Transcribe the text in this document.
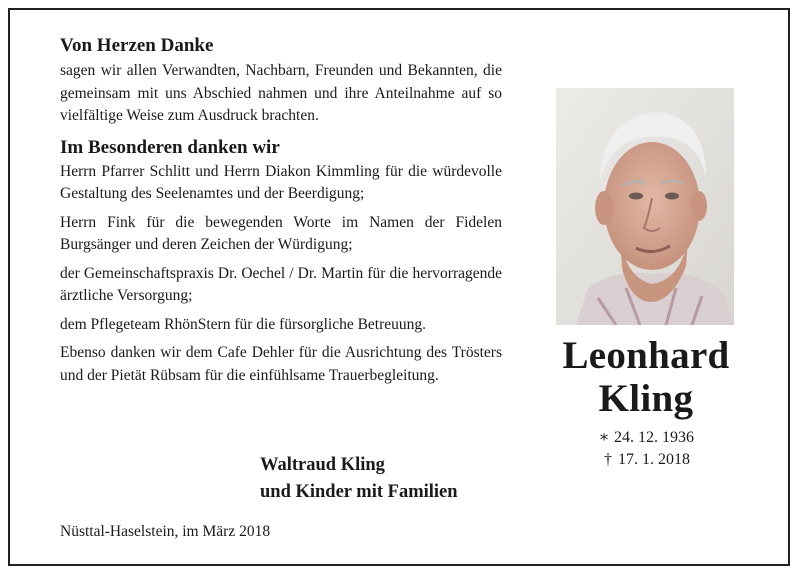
Von Herzen Danke

sagen wir allen Verwandten, Nachbarn, Freunden und Bekannten, die gemeinsam mit uns Abschied nahmen und ihre Anteilnahme auf so vielfältige Weise zum Ausdruck brachten.

Im Besonderen danken wir

Herrn Pfarrer Schlitt und Herrn Diakon Kimmling für die würdevolle Gestaltung des Seelenamtes und der Beerdigung;

Herrn Fink für die bewegenden Worte im Namen der Fidelen Burgsänger und deren Zeichen der Würdigung;

der Gemeinschaftspraxis Dr. Oechel / Dr. Martin für die hervorragende ärztliche Versorgung;

dem Pflegeteam RhönStern für die fürsorgliche Betreuung.

Ebenso danken wir dem Cafe Dehler für die Ausrichtung des Trösters und der Pietät Rübsam für die einfühlsame Trauerbegleitung.

Waltraud Kling
und Kinder mit Familien
Nüsttal-Haselstein, im März 2018
Leonhard
Kling
∗ 24. 12. 1936
† 17. 1. 2018
